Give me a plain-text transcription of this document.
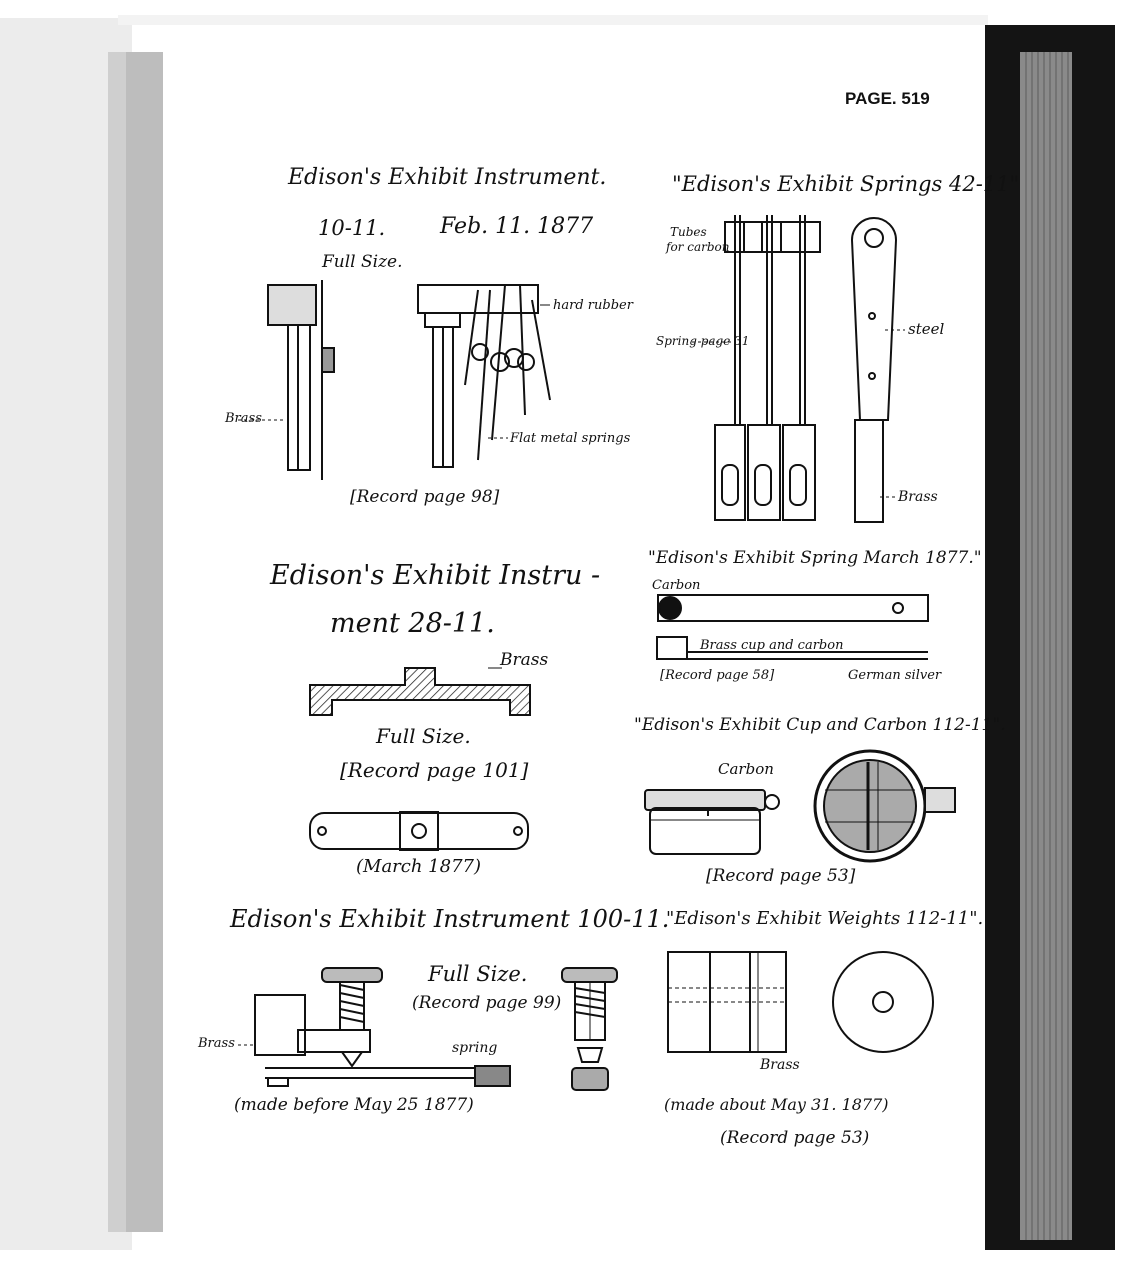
PAGE. 519
Edison's Exhibit Instrument.
10-11. Feb. 11. 1877
Full Size.
Brass
hard rubber
Flat metal springs
[Record page 98]
"Edison's Exhibit Springs 42-11"
Tubes
for carbon
Spring page 31
steel
Brass
Edison's Exhibit Instru -
ment 28-11.
Brass
Full Size.
[Record page 101]
(March 1877)
"Edison's Exhibit Spring March 1877."
Carbon
Brass cup and carbon
[Record page 58]	German silver
"Edison's Exhibit Cup and Carbon 112-11".
Carbon
[Record page 53]
Edison's Exhibit Instrument 100-11.
Full Size.
(Record page 99)
Brass	spring
(made before May 25 1877)
"Edison's Exhibit Weights 112-11".
Brass
(made about May 31. 1877)
(Record page 53)
